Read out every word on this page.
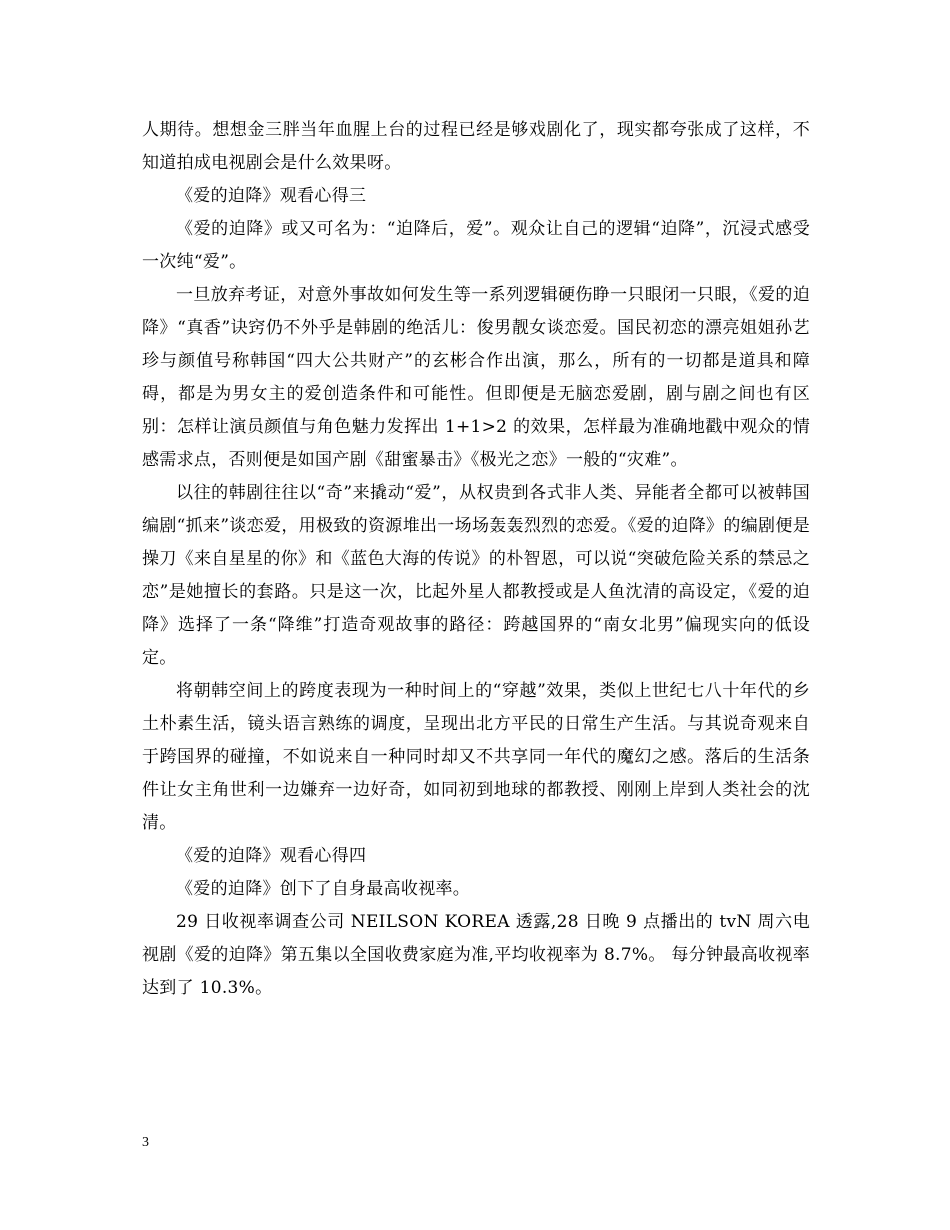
人期待。想想金三胖当年血腥上台的过程已经是够戏剧化了，现实都夸张成了这样，不知道拍成电视剧会是什么效果呀。

《爱的迫降》观看心得三

《爱的迫降》或又可名为：“迫降后，爱”。观众让自己的逻辑“迫降”，沉浸式感受一次纯“爱”。

一旦放弃考证，对意外事故如何发生等一系列逻辑硬伤睁一只眼闭一只眼，《爱的迫降》“真香”诀窍仍不外乎是韩剧的绝活儿：俊男靓女谈恋爱。国民初恋的漂亮姐姐孙艺珍与颜值号称韩国“四大公共财产”的玄彬合作出演，那么，所有的一切都是道具和障碍，都是为男女主的爱创造条件和可能性。但即便是无脑恋爱剧，剧与剧之间也有区别：怎样让演员颜值与角色魅力发挥出 1+1>2 的效果，怎样最为准确地戳中观众的情感需求点，否则便是如国产剧《甜蜜暴击》《极光之恋》一般的“灾难”。

以往的韩剧往往以“奇”来撬动“爱”，从权贵到各式非人类、异能者全都可以被韩国编剧“抓来”谈恋爱，用极致的资源堆出一场场轰轰烈烈的恋爱。《爱的迫降》的编剧便是操刀《来自星星的你》和《蓝色大海的传说》的朴智恩，可以说“突破危险关系的禁忌之恋”是她擅长的套路。只是这一次，比起外星人都教授或是人鱼沈清的高设定，《爱的迫降》选择了一条“降维”打造奇观故事的路径：跨越国界的“南女北男”偏现实向的低设定。

将朝韩空间上的跨度表现为一种时间上的“穿越”效果，类似上世纪七八十年代的乡土朴素生活，镜头语言熟练的调度，呈现出北方平民的日常生产生活。与其说奇观来自于跨国界的碰撞，不如说来自一种同时却又不共享同一年代的魔幻之感。落后的生活条件让女主角世利一边嫌弃一边好奇，如同初到地球的都教授、刚刚上岸到人类社会的沈清。

《爱的迫降》观看心得四

《爱的迫降》创下了自身最高收视率。

29 日收视率调查公司 NEILSON KOREA 透露,28 日晚 9 点播出的 tvN 周六电视剧《爱的迫降》第五集以全国收费家庭为准,平均收视率为 8.7%。 每分钟最高收视率达到了 10.3%。

3
